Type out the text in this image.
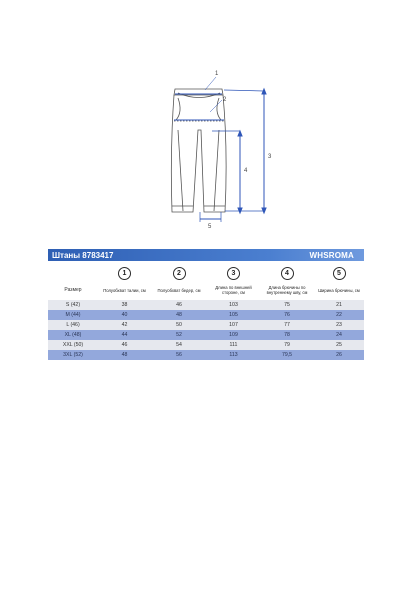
1
2
3
4
5
Штаны 8783417	WHSROMA
	1	2	3	4	5
Размер	Полуобхват талии, см	Полуобхват бедер, см	Длина по внешней стороне, см	Длина брючины по внутреннему шву, см	Ширина брючины, см
S (42)	38	46	103	75	21
M (44)	40	48	105	76	22
L (46)	42	50	107	77	23
XL (48)	44	52	109	78	24
XXL (50)	46	54	111	79	25
3XL (52)	48	56	113	79,5	26
